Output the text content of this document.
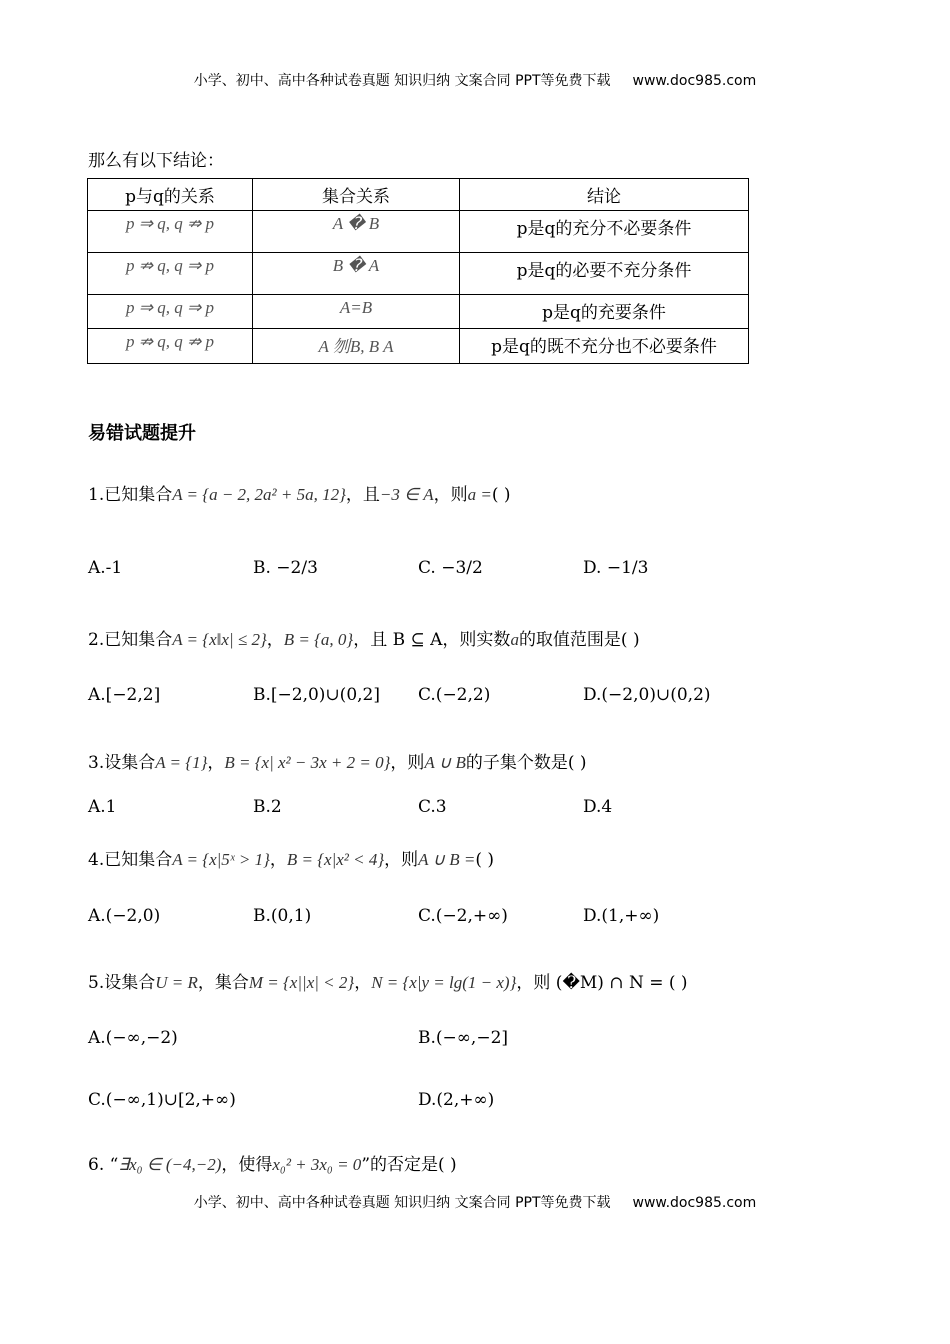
小学、初中、高中各种试卷真题 知识归纳 文案合同 PPT等免费下载 www.doc985.com
那么有以下结论：
p与q的关系	集合关系	结论
p ⇒ q, q ⇏ p	A � B	p是q的充分不必要条件
p ⇏ q, q ⇒ p	B � A	p是q的必要不充分条件
p ⇒ q, q ⇒ p	A=B	p是q的充要条件
p ⇏ q, q ⇏ p	A 刎B, B A	p是q的既不充分也不必要条件
易错试题提升
1.已知集合A = {a − 2, 2a² + 5a, 12}，且−3 ∈ A，则a =( )
A.-1	B. −2/3	C. −3/2	D. −1/3
2.已知集合A = {x‖x| ≤ 2}，B = {a, 0}，且 B ⊆ A，则实数a的取值范围是( )
A.[−2,2]	B.[−2,0)∪(0,2] C.(−2,2)	D.(−2,0)∪(0,2)
3.设集合A = {1}，B = {x| x² − 3x + 2 = 0}，则A ∪ B的子集个数是( )
A.1	B.2	C.3	D.4
4.已知集合A = {x|5ˣ > 1}，B = {x|x² < 4}，则A ∪ B =( )
A.(−2,0)	B.(0,1)	C.(−2,+∞)	D.(1,+∞)
5.设集合U = R，集合M = {x||x| < 2}，N = {x|y = lg(1 − x)}，则 (�M) ∩ N = ( )
A.(−∞,−2)	B.(−∞,−2]
C.(−∞,1)∪[2,+∞)	D.(2,+∞)
6. “∃x₀ ∈ (−4,−2)，使得x₀² + 3x₀ = 0”的否定是( )
小学、初中、高中各种试卷真题 知识归纳 文案合同 PPT等免费下载 www.doc985.com
